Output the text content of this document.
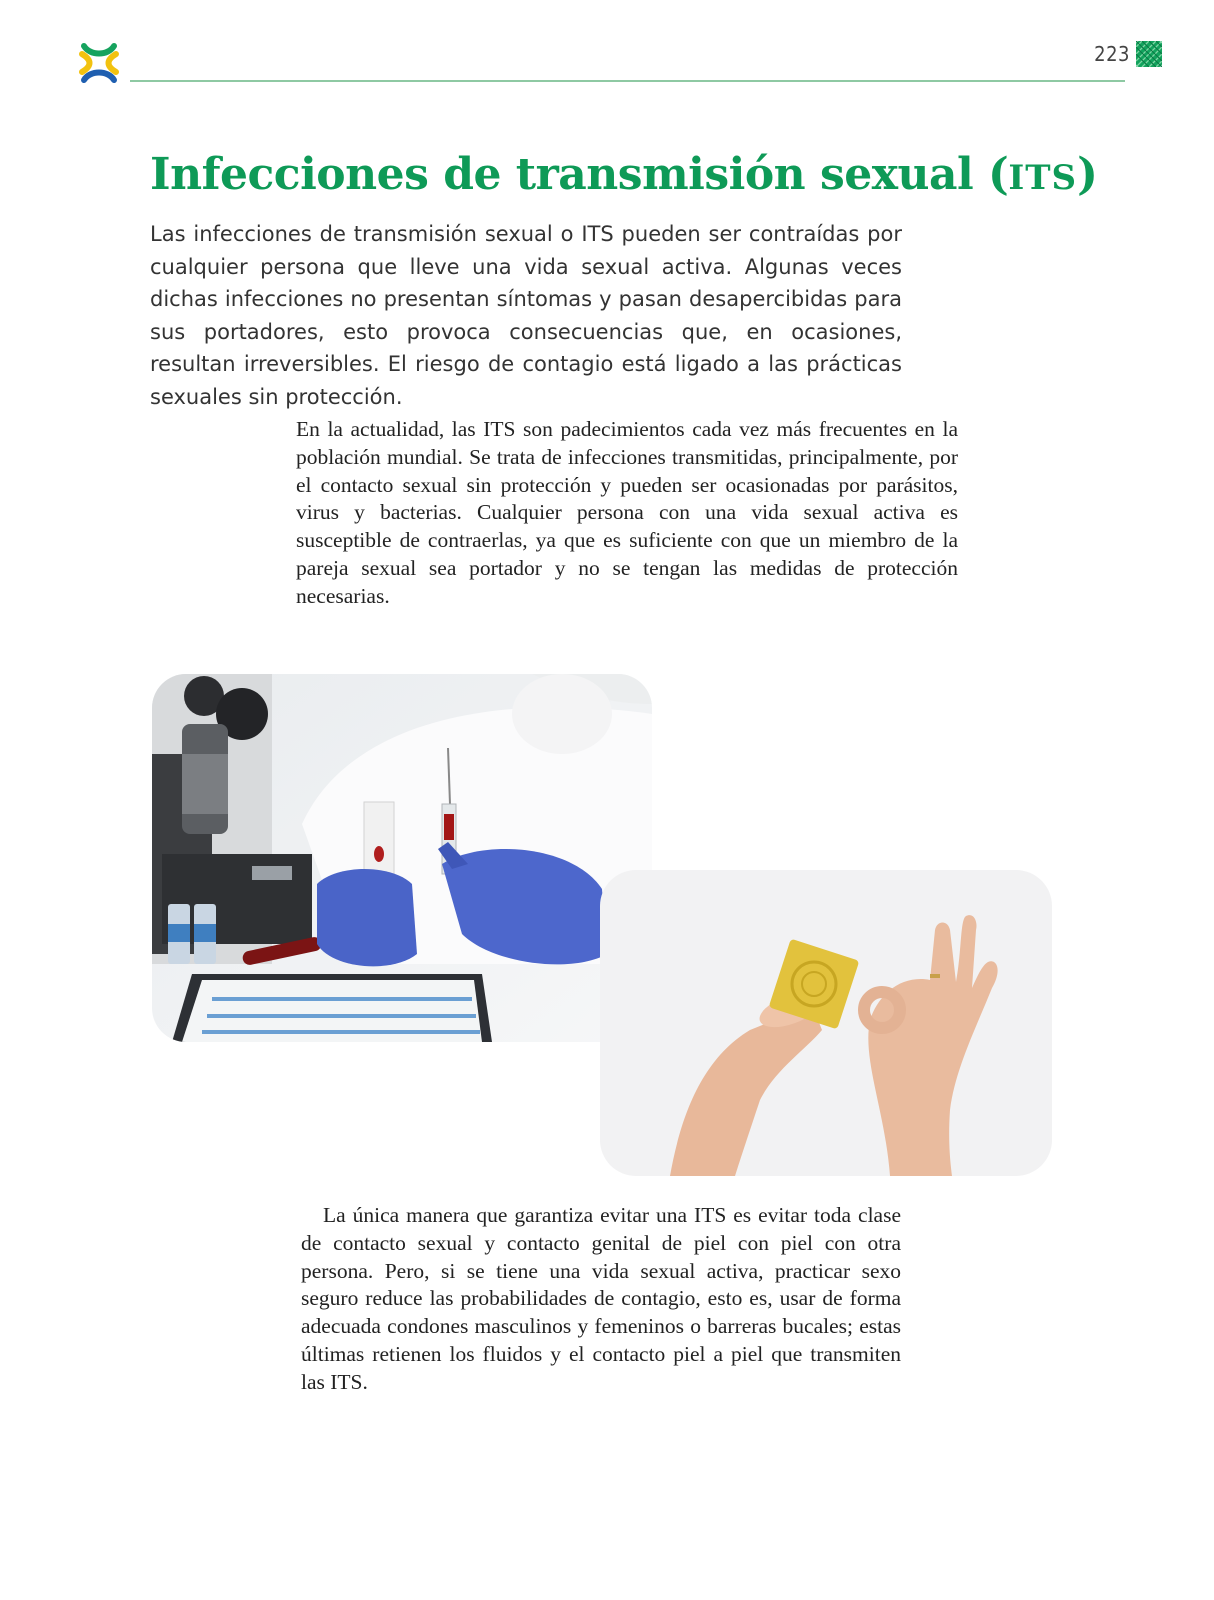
223
Infecciones de transmisión sexual (ITS)

Las infecciones de transmisión sexual o ITS pueden ser contraídas por cualquier persona que lleve una vida sexual activa. Algunas veces dichas infecciones no presentan síntomas y pasan desapercibidas para sus portadores, esto provoca consecuencias que, en ocasiones, resultan irreversibles. El riesgo de contagio está ligado a las prácticas sexuales sin protección.

En la actualidad, las ITS son padecimientos cada vez más frecuentes en la población mundial. Se trata de infecciones transmitidas, principalmente, por el contacto sexual sin protección y pueden ser ocasionadas por parásitos, virus y bacterias. Cualquier persona con una vida sexual activa es susceptible de contraerlas, ya que es suficiente con que un miembro de la pareja sexual sea portador y no se tengan las medidas de protección necesarias.

La única manera que garantiza evitar una ITS es evitar toda clase de contacto sexual y contacto genital de piel con piel con otra persona. Pero, si se tiene una vida sexual activa, practicar sexo seguro reduce las probabilidades de contagio, esto es, usar de forma adecuada condones masculinos y femeninos o barreras bucales; estas últimas retienen los fluidos y el contacto piel a piel que transmiten las ITS.
